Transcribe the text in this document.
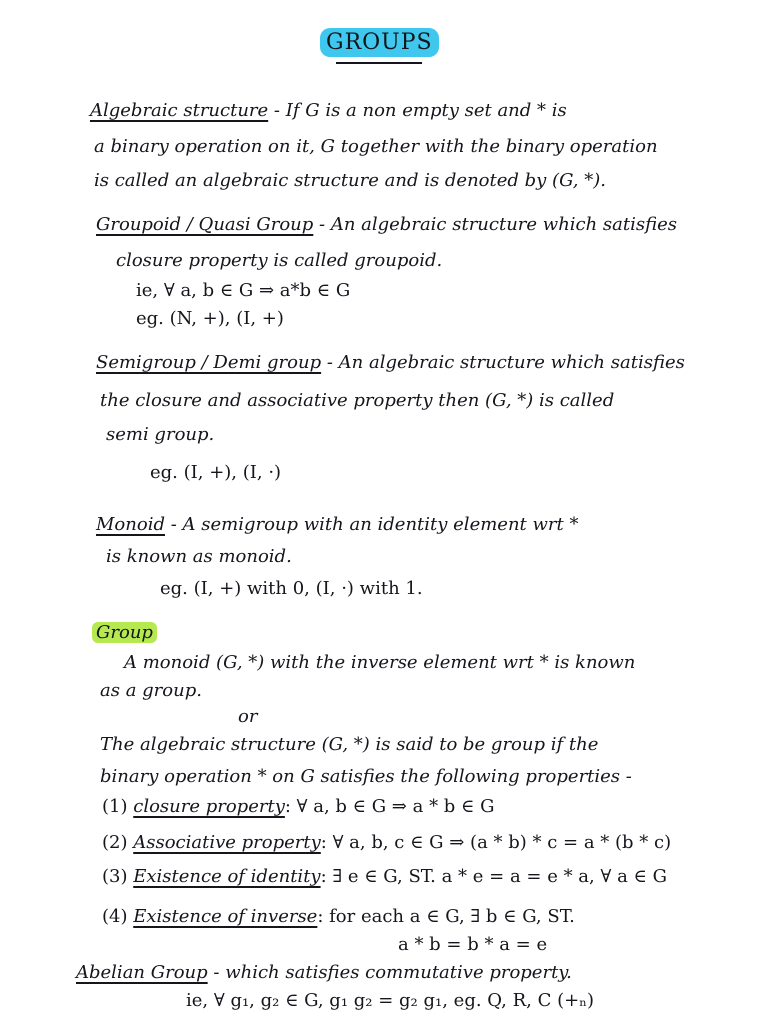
GROUPS
Algebraic structure - If G is a non empty set and * is
a binary operation on it, G together with the binary operation
is called an algebraic structure and is denoted by (G, *).
Groupoid / Quasi Group - An algebraic structure which satisfies
closure property is called groupoid.
ie, ∀ a, b ∈ G ⇒ a*b ∈ G
eg. (N, +), (I, +)
Semigroup / Demi group - An algebraic structure which satisfies
the closure and associative property then (G, *) is called
semi group.
eg. (I, +), (I, ·)
Monoid - A semigroup with an identity element wrt *
is known as monoid.
eg. (I, +) with 0, (I, ·) with 1.
Group
A monoid (G, *) with the inverse element wrt * is known
as a group.
or
The algebraic structure (G, *) is said to be group if the
binary operation * on G satisfies the following properties -
(1) closure property: ∀ a, b ∈ G ⇒ a * b ∈ G
(2) Associative property: ∀ a, b, c ∈ G ⇒ (a * b) * c = a * (b * c)
(3) Existence of identity: ∃ e ∈ G, ST. a * e = a = e * a, ∀ a ∈ G
(4) Existence of inverse: for each a ∈ G, ∃ b ∈ G, ST.
a * b = b * a = e
Abelian Group - which satisfies commutative property.
ie, ∀ g₁, g₂ ∈ G, g₁ g₂ = g₂ g₁, eg. Q, R, C (+ₙ)
